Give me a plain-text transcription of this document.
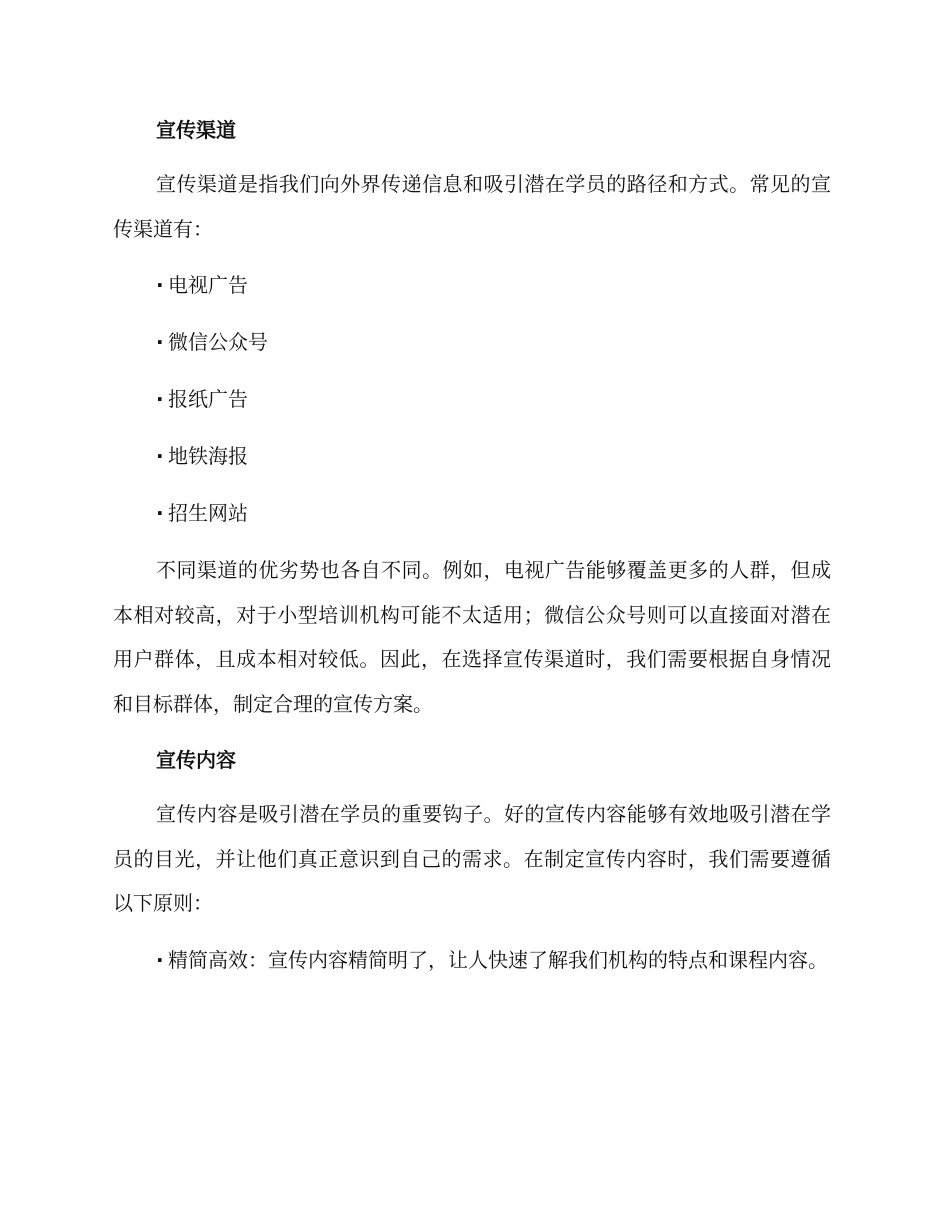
宣传渠道

宣传渠道是指我们向外界传递信息和吸引潜在学员的路径和方式。常见的宣传渠道有：

·电视广告
·微信公众号
·报纸广告
·地铁海报
·招生网站

不同渠道的优劣势也各自不同。例如，电视广告能够覆盖更多的人群，但成本相对较高，对于小型培训机构可能不太适用；微信公众号则可以直接面对潜在用户群体，且成本相对较低。因此，在选择宣传渠道时，我们需要根据自身情况和目标群体，制定合理的宣传方案。

宣传内容

宣传内容是吸引潜在学员的重要钩子。好的宣传内容能够有效地吸引潜在学员的目光，并让他们真正意识到自己的需求。在制定宣传内容时，我们需要遵循以下原则：

·精简高效：宣传内容精简明了，让人快速了解我们机构的特点和课程内容。
